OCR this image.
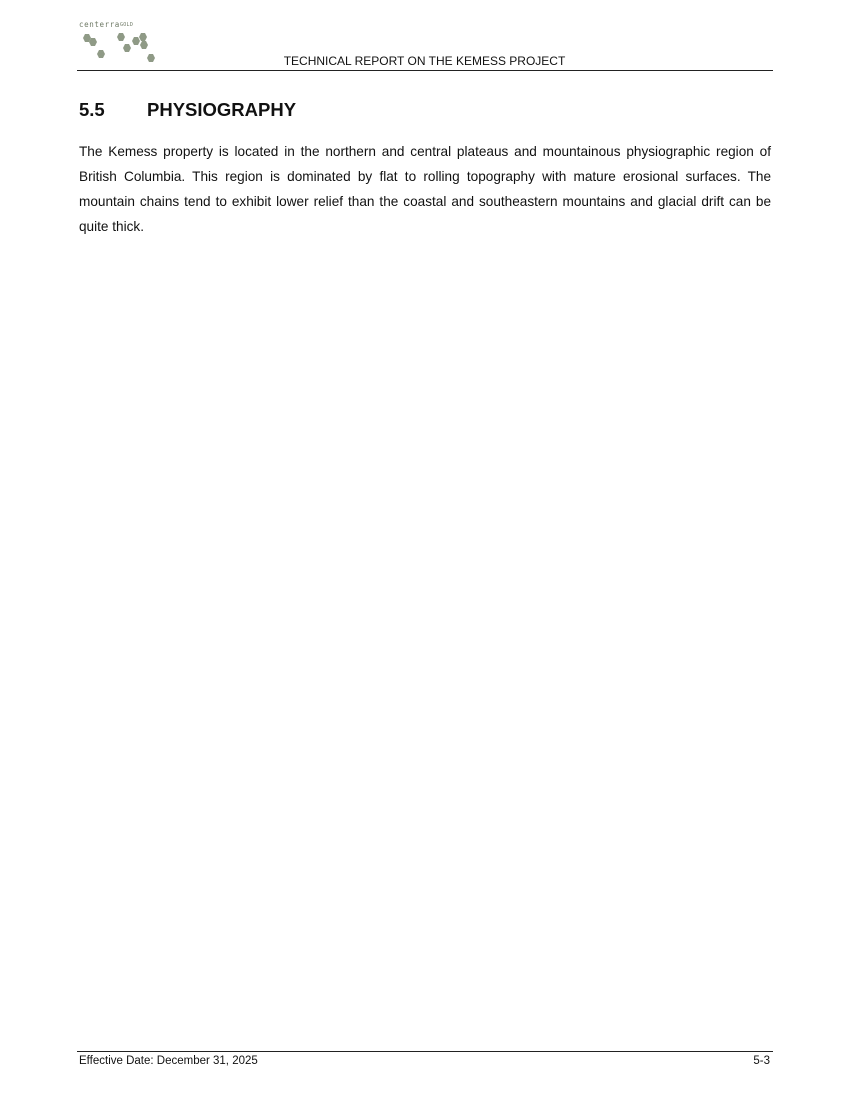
centerraGOLD
TECHNICAL REPORT ON THE KEMESS PROJECT
5.5 PHYSIOGRAPHY

The Kemess property is located in the northern and central plateaus and mountainous physiographic region of British Columbia. This region is dominated by flat to rolling topography with mature erosional surfaces. The mountain chains tend to exhibit lower relief than the coastal and southeastern mountains and glacial drift can be quite thick.

Effective Date: December 31, 2025	5-3
